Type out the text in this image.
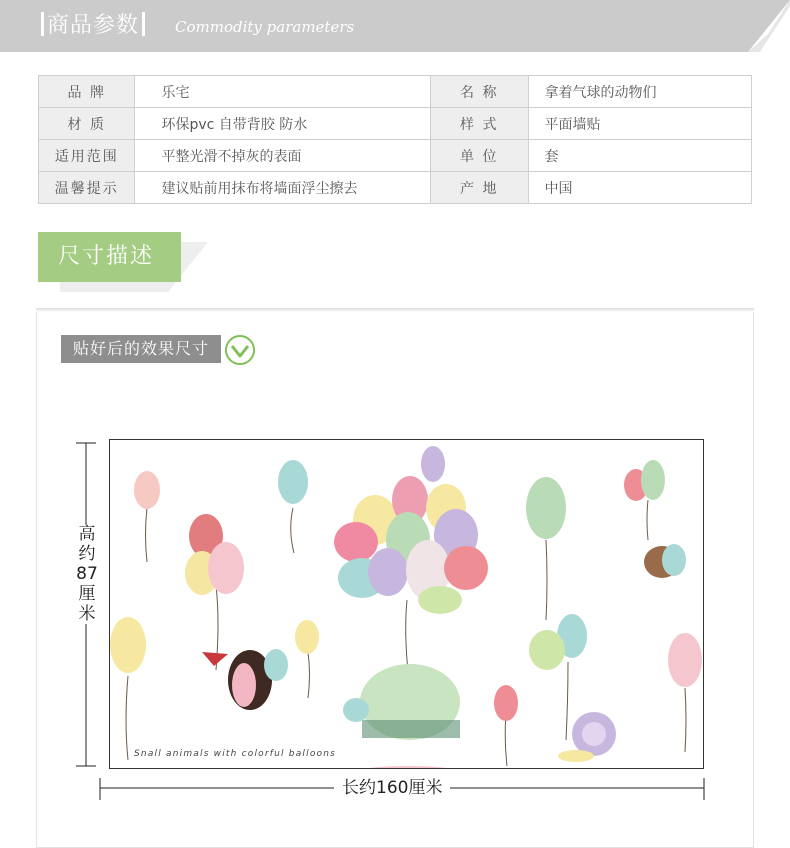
商品参数	Commodity parameters
品 牌	乐宅	名 称	拿着气球的动物们
材 质	环保pvc 自带背胶 防水	样 式	平面墙贴
适用范围	平整光滑不掉灰的表面	单 位	套
温馨提示	建议贴前用抹布将墙面浮尘擦去	产 地	中国
尺寸描述
贴好后的效果尺寸
高
约
87
厘
米
长约160厘米
Snall animals with colorful balloons
